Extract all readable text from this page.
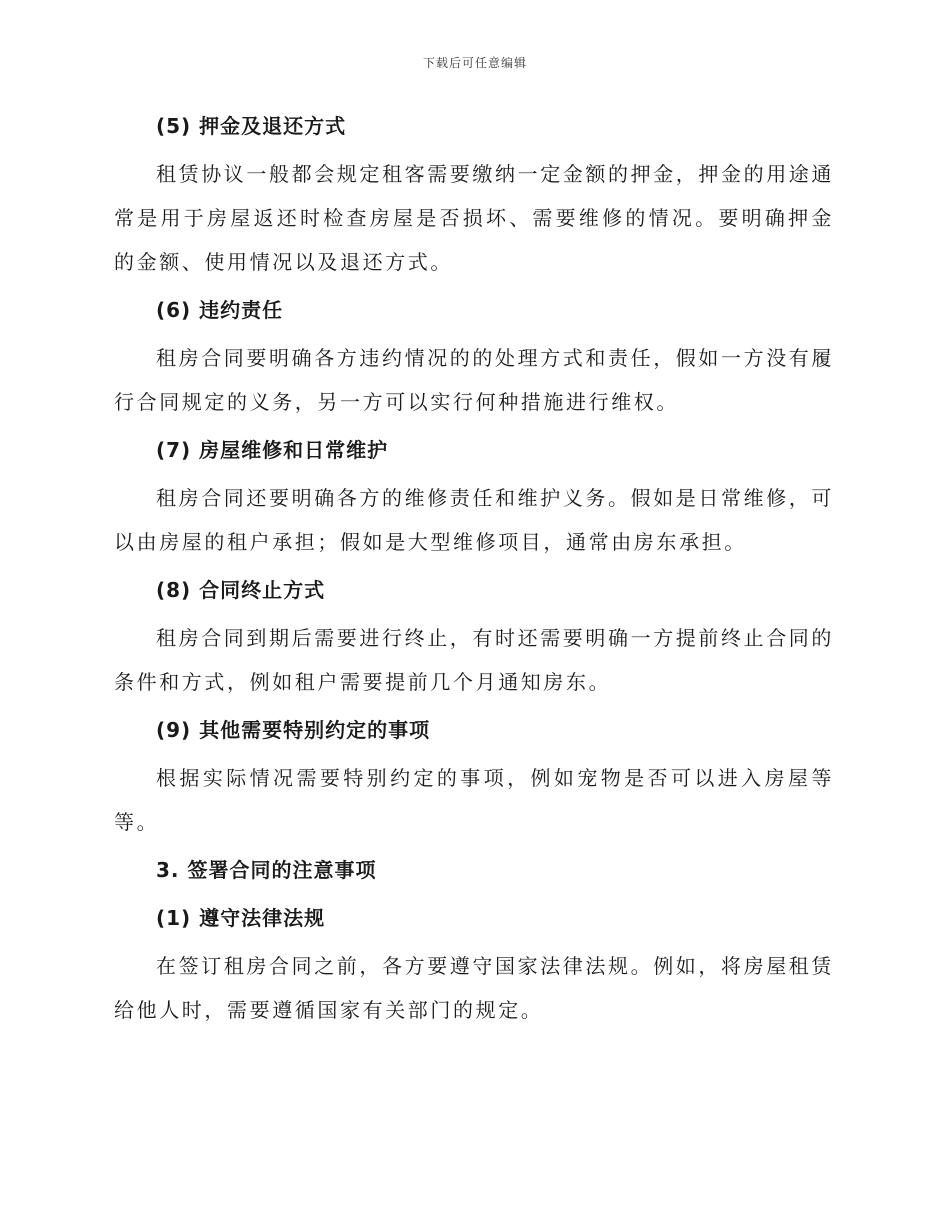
下载后可任意编辑

(5) 押金及退还方式

租赁协议一般都会规定租客需要缴纳一定金额的押金，押金的用途通常是用于房屋返还时检查房屋是否损坏、需要维修的情况。要明确押金的金额、使用情况以及退还方式。

(6) 违约责任

租房合同要明确各方违约情况的的处理方式和责任，假如一方没有履行合同规定的义务，另一方可以实行何种措施进行维权。

(7) 房屋维修和日常维护

租房合同还要明确各方的维修责任和维护义务。假如是日常维修，可以由房屋的租户承担；假如是大型维修项目，通常由房东承担。

(8) 合同终止方式

租房合同到期后需要进行终止，有时还需要明确一方提前终止合同的条件和方式，例如租户需要提前几个月通知房东。

(9) 其他需要特别约定的事项

根据实际情况需要特别约定的事项，例如宠物是否可以进入房屋等等。

3. 签署合同的注意事项

(1) 遵守法律法规

在签订租房合同之前，各方要遵守国家法律法规。例如，将房屋租赁给他人时，需要遵循国家有关部门的规定。
